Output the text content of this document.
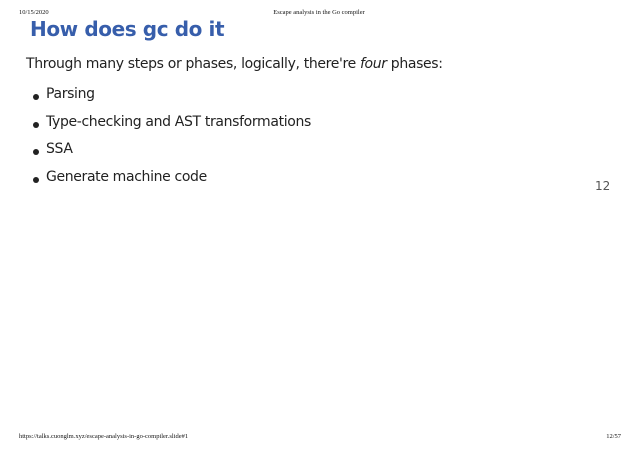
10/15/2020	Escape analysis in the Go compiler
How does gc do it

Through many steps or phases, logically, there're four phases:

Parsing
Type-checking and AST transformations
SSA
Generate machine code
12
https://talks.cuonglm.xyz/escape-analysis-in-go-compiler.slide#1	12/57
